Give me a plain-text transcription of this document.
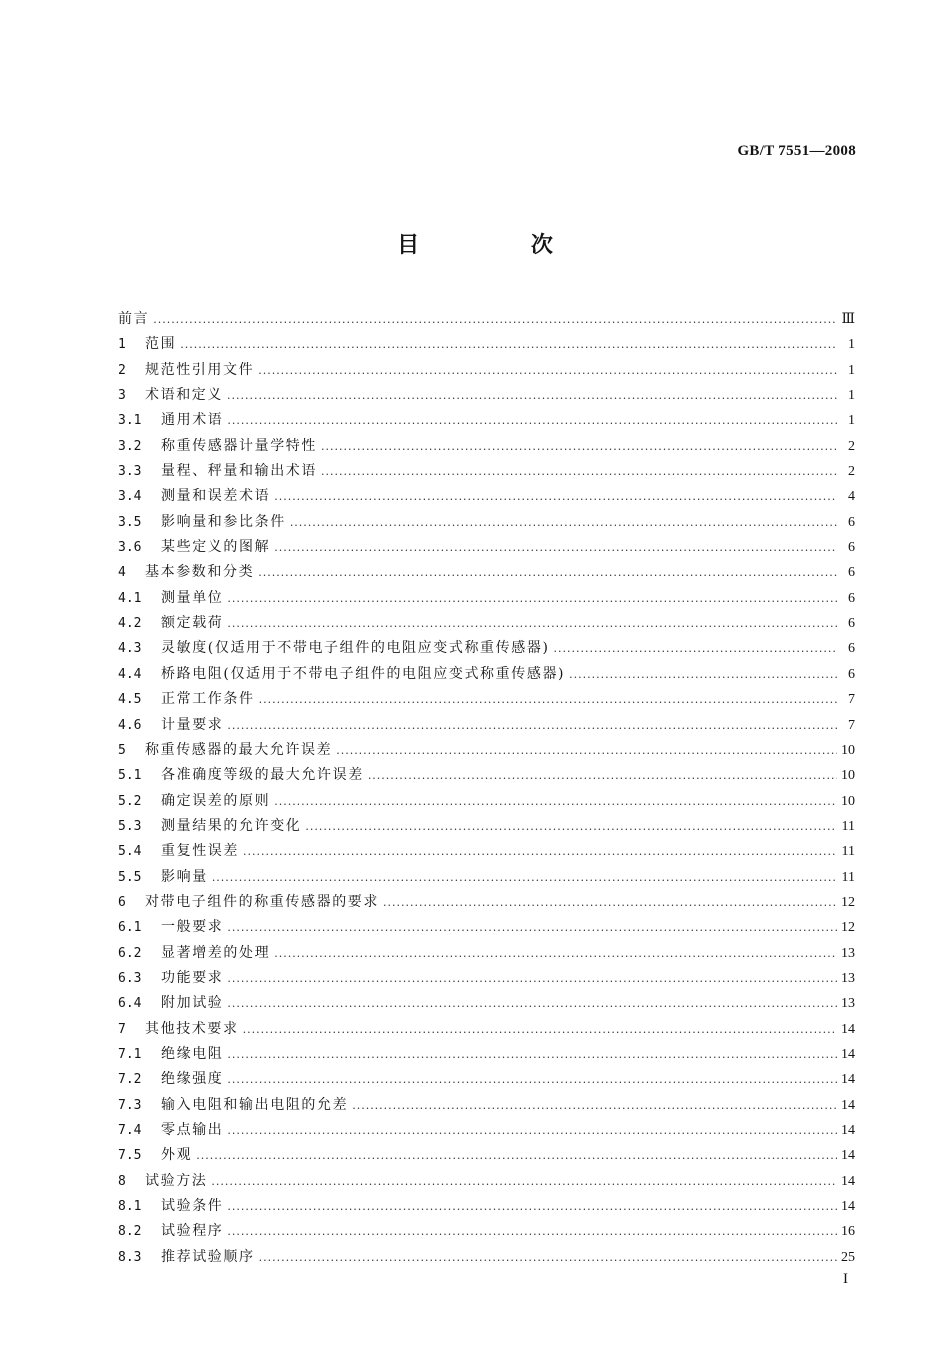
GB/T 7551—2008
目 次
前言 .....	Ⅲ
1	范围 .....	1
2	规范性引用文件 .....	1
3	术语和定义 .....	1
3.1	通用术语 .....	1
3.2	称重传感器计量学特性 .....	2
3.3	量程、秤量和输出术语 .....	2
3.4	测量和误差术语 .....	4
3.5	影响量和参比条件 .....	6
3.6	某些定义的图解 .....	6
4	基本参数和分类 .....	6
4.1	测量单位 .....	6
4.2	额定载荷 .....	6
4.3	灵敏度(仅适用于不带电子组件的电阻应变式称重传感器) .....	6
4.4	桥路电阻(仅适用于不带电子组件的电阻应变式称重传感器) .....	6
4.5	正常工作条件 .....	7
4.6	计量要求 .....	7
5	称重传感器的最大允许误差 .....	10
5.1	各准确度等级的最大允许误差 .....	10
5.2	确定误差的原则 .....	10
5.3	测量结果的允许变化 .....	11
5.4	重复性误差 .....	11
5.5	影响量 .....	11
6	对带电子组件的称重传感器的要求 .....	12
6.1	一般要求 .....	12
6.2	显著增差的处理 .....	13
6.3	功能要求 .....	13
6.4	附加试验 .....	13
7	其他技术要求 .....	14
7.1	绝缘电阻 .....	14
7.2	绝缘强度 .....	14
7.3	输入电阻和输出电阻的允差 .....	14
7.4	零点输出 .....	14
7.5	外观 .....	14
8	试验方法 .....	14
8.1	试验条件 .....	14
8.2	试验程序 .....	16
8.3	推荐试验顺序 .....	25
I
